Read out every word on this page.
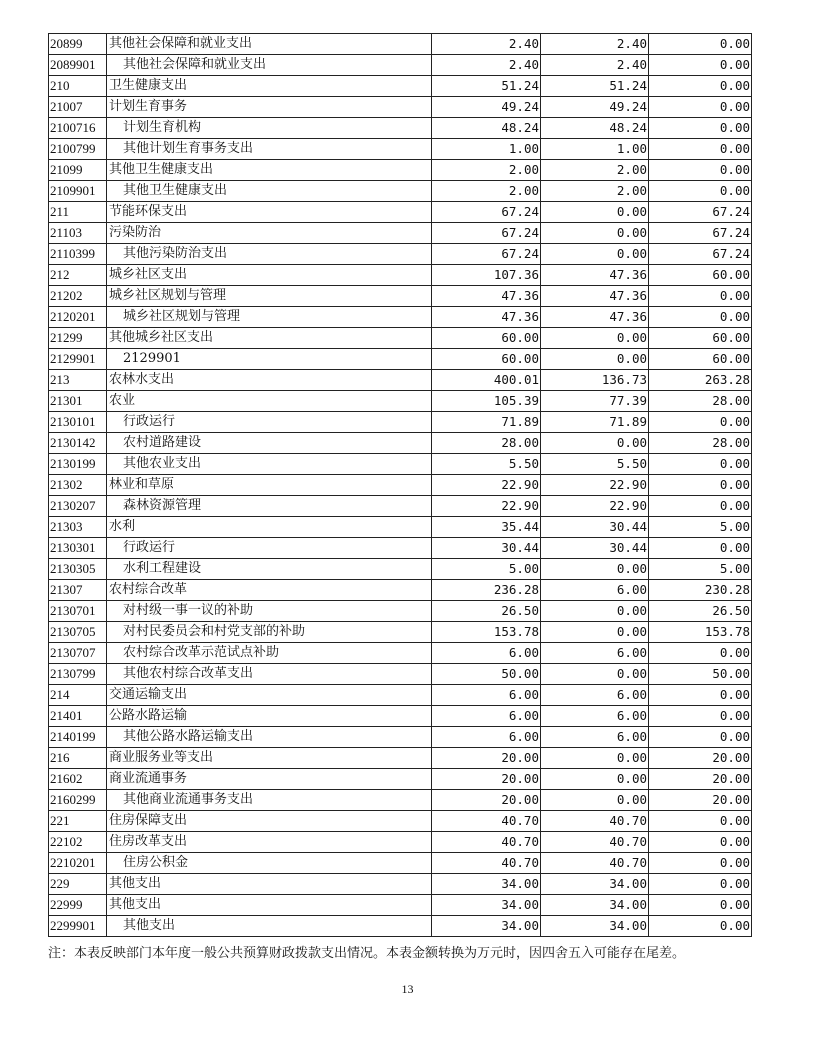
20899	其他社会保障和就业支出	2.40	2.40	0.00
2089901	其他社会保障和就业支出	2.40	2.40	0.00
210	卫生健康支出	51.24	51.24	0.00
21007	计划生育事务	49.24	49.24	0.00
2100716	计划生育机构	48.24	48.24	0.00
2100799	其他计划生育事务支出	1.00	1.00	0.00
21099	其他卫生健康支出	2.00	2.00	0.00
2109901	其他卫生健康支出	2.00	2.00	0.00
211	节能环保支出	67.24	0.00	67.24
21103	污染防治	67.24	0.00	67.24
2110399	其他污染防治支出	67.24	0.00	67.24
212	城乡社区支出	107.36	47.36	60.00
21202	城乡社区规划与管理	47.36	47.36	0.00
2120201	城乡社区规划与管理	47.36	47.36	0.00
21299	其他城乡社区支出	60.00	0.00	60.00
2129901	2129901	60.00	0.00	60.00
213	农林水支出	400.01	136.73	263.28
21301	农业	105.39	77.39	28.00
2130101	行政运行	71.89	71.89	0.00
2130142	农村道路建设	28.00	0.00	28.00
2130199	其他农业支出	5.50	5.50	0.00
21302	林业和草原	22.90	22.90	0.00
2130207	森林资源管理	22.90	22.90	0.00
21303	水利	35.44	30.44	5.00
2130301	行政运行	30.44	30.44	0.00
2130305	水利工程建设	5.00	0.00	5.00
21307	农村综合改革	236.28	6.00	230.28
2130701	对村级一事一议的补助	26.50	0.00	26.50
2130705	对村民委员会和村党支部的补助	153.78	0.00	153.78
2130707	农村综合改革示范试点补助	6.00	6.00	0.00
2130799	其他农村综合改革支出	50.00	0.00	50.00
214	交通运输支出	6.00	6.00	0.00
21401	公路水路运输	6.00	6.00	0.00
2140199	其他公路水路运输支出	6.00	6.00	0.00
216	商业服务业等支出	20.00	0.00	20.00
21602	商业流通事务	20.00	0.00	20.00
2160299	其他商业流通事务支出	20.00	0.00	20.00
221	住房保障支出	40.70	40.70	0.00
22102	住房改革支出	40.70	40.70	0.00
2210201	住房公积金	40.70	40.70	0.00
229	其他支出	34.00	34.00	0.00
22999	其他支出	34.00	34.00	0.00
2299901	其他支出	34.00	34.00	0.00
注：本表反映部门本年度一般公共预算财政拨款支出情况。本表金额转换为万元时，因四舍五入可能存在尾差。
13
